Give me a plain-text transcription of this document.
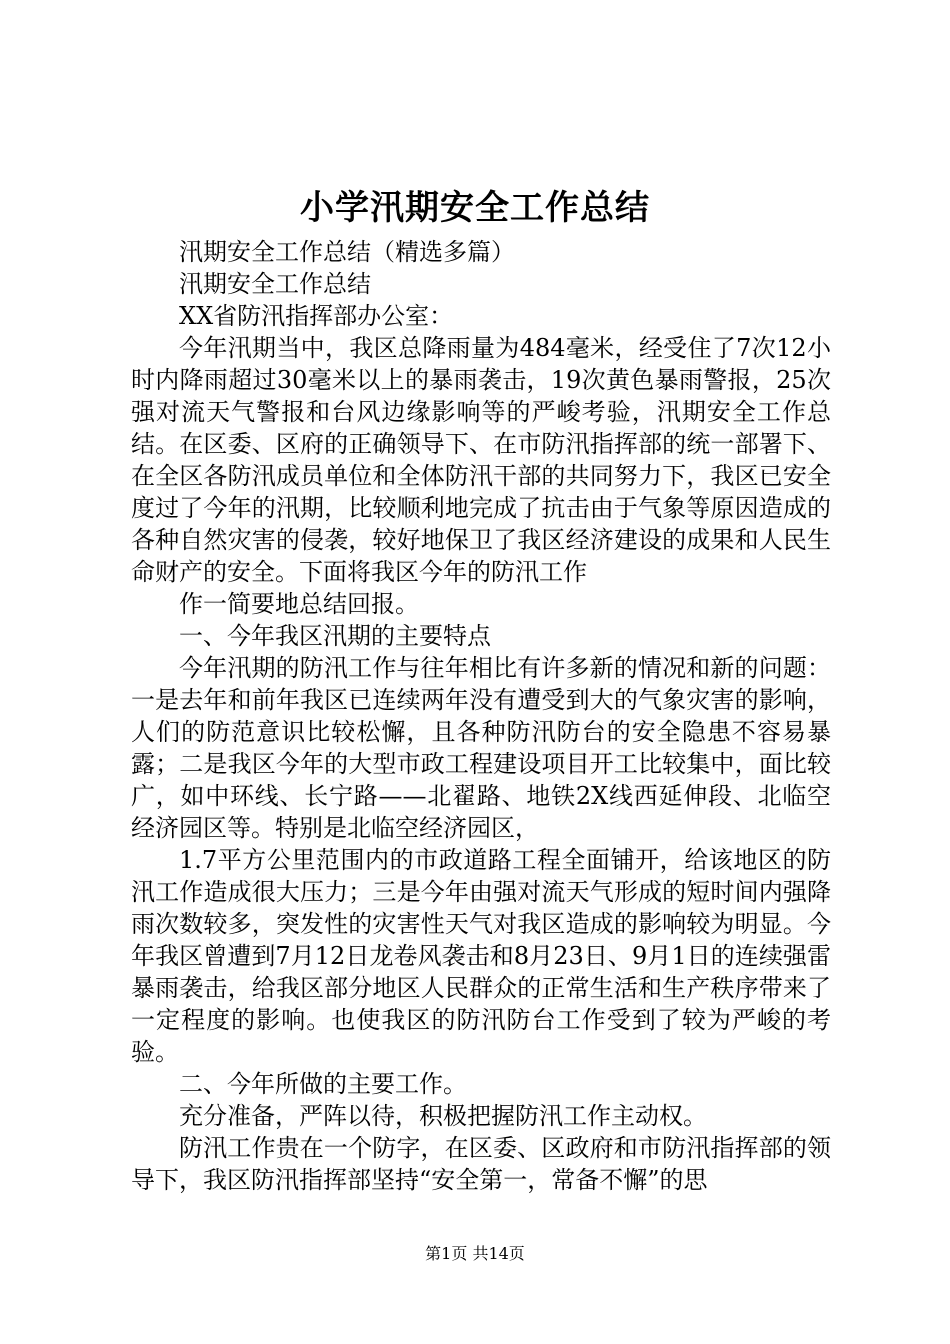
小学汛期安全工作总结

汛期安全工作总结（精选多篇）

汛期安全工作总结

XX省防汛指挥部办公室：

今年汛期当中，我区总降雨量为484毫米，经受住了7次12小时内降雨超过30毫米以上的暴雨袭击，19次黄色暴雨警报，25次强对流天气警报和台风边缘影响等的严峻考验，汛期安全工作总结。在区委、区府的正确领导下、在市防汛指挥部的统一部署下、在全区各防汛成员单位和全体防汛干部的共同努力下，我区已安全度过了今年的汛期，比较顺利地完成了抗击由于气象等原因造成的各种自然灾害的侵袭，较好地保卫了我区经济建设的成果和人民生命财产的安全。下面将我区今年的防汛工作

作一简要地总结回报。

一、今年我区汛期的主要特点

今年汛期的防汛工作与往年相比有许多新的情况和新的问题：一是去年和前年我区已连续两年没有遭受到大的气象灾害的影响，人们的防范意识比较松懈，且各种防汛防台的安全隐患不容易暴露；二是我区今年的大型市政工程建设项目开工比较集中，面比较广，如中环线、长宁路——北翟路、地铁2X线西延伸段、北临空经济园区等。特别是北临空经济园区，

1.7平方公里范围内的市政道路工程全面铺开，给该地区的防汛工作造成很大压力；三是今年由强对流天气形成的短时间内强降雨次数较多，突发性的灾害性天气对我区造成的影响较为明显。今年我区曾遭到7月12日龙卷风袭击和8月23日、9月1日的连续强雷暴雨袭击，给我区部分地区人民群众的正常生活和生产秩序带来了一定程度的影响。也使我区的防汛防台工作受到了较为严峻的考验。

二、今年所做的主要工作。

充分准备，严阵以待，积极把握防汛工作主动权。

防汛工作贵在一个防字，在区委、区政府和市防汛指挥部的领导下，我区防汛指挥部坚持“安全第一，常备不懈”的思

第1页 共14页
